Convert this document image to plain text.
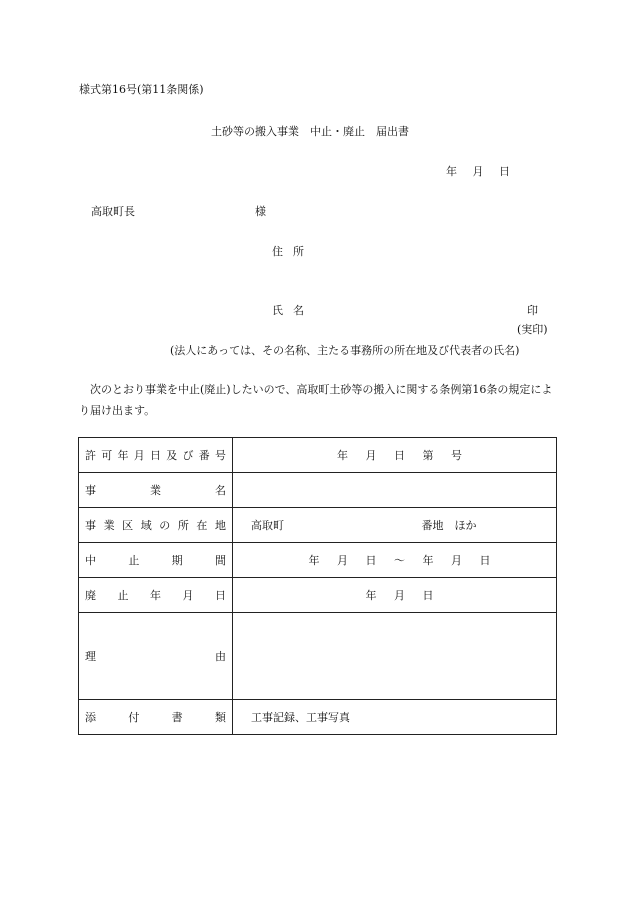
様式第16号(第11条関係)
土砂等の搬入事業　中止・廃止　届出書
年 月 日
高取町長	様
住所
氏名	印
(実印)
(法人にあっては、その名称、主たる事務所の所在地及び代表者の氏名)
次のとおり事業を中止(廃止)したいので、高取町土砂等の搬入に関する条例第16条の規定により届け出ます。
許可年月日及び番号	年 月 日 第 号
事業名	
事業区域の所在地	高取町 番地　ほか
中止期間	年 月 日 ～ 年 月 日
廃止年月日	年 月 日
理由	
添付書類	工事記録、工事写真
